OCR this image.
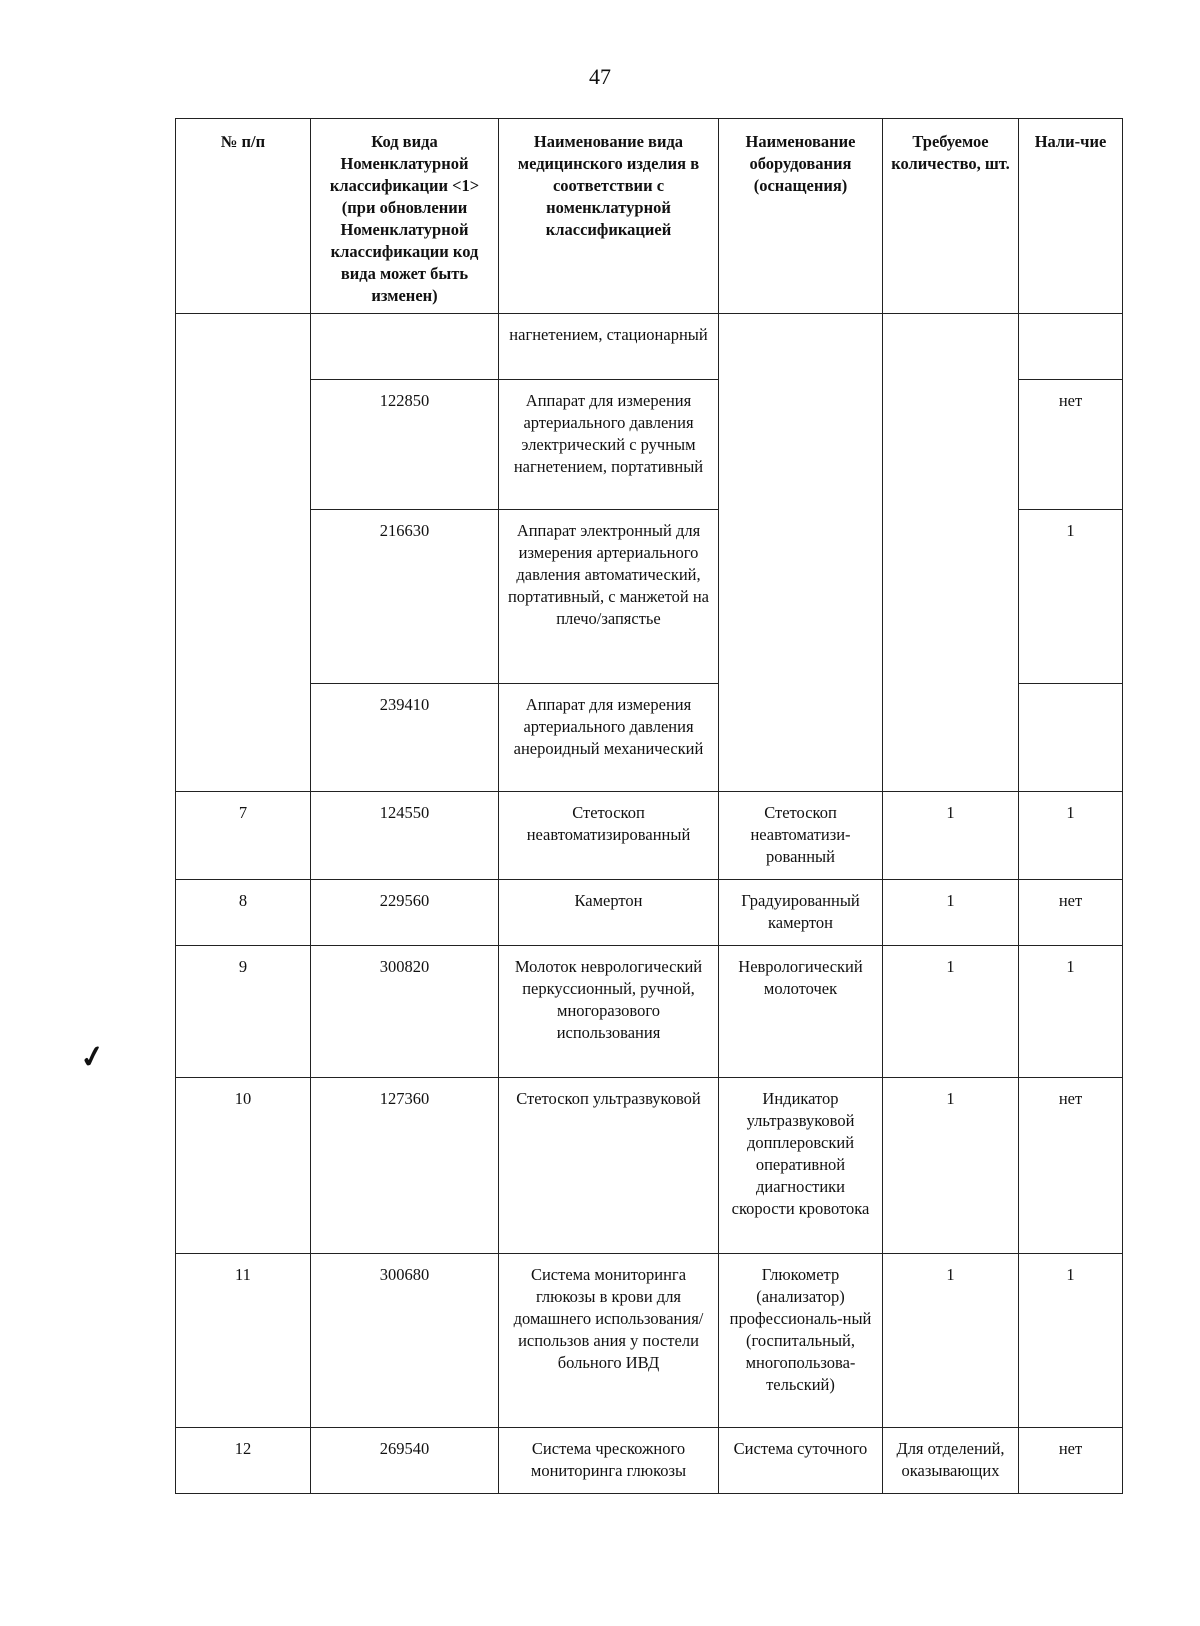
47
№ п/п	Код вида Номенклатурной классификации <1> (при обновлении Номенклатурной классификации код вида может быть изменен)	Наименование вида медицинского изделия в соответствии с номенклатурной классификацией	Наименование оборудования (оснащения)	Требуемое количество, шт.	Нали-чие
		нагнетением, стационарный			
	122850	Аппарат для измерения артериального давления электрический с ручным нагнетением, портативный			нет
	216630	Аппарат электронный для измерения артериального давления автоматический, портативный, с манжетой на плечо/запястье			1
	239410	Аппарат для измерения артериального давления анероидный механический			
7	124550	Стетоскоп неавтоматизированный	Стетоскоп неавтоматизи-рованный	1	1
8	229560	Камертон	Градуированный камертон	1	нет
9	300820	Молоток неврологический перкуссионный, ручной, многоразового использования	Неврологический молоточек	1	1
10	127360	Стетоскоп ультразвуковой	Индикатор ультразвуковой допплеровский оперативной диагностики скорости кровотока	1	нет
11	300680	Система мониторинга глюкозы в крови для домашнего использования/использов ания у постели больного ИВД	Глюкометр (анализатор) профессиональ-ный (госпитальный, многопользова-тельский)	1	1
12	269540	Система чрескожного мониторинга глюкозы	Система суточного	Для отделений, оказывающих	нет
✓
